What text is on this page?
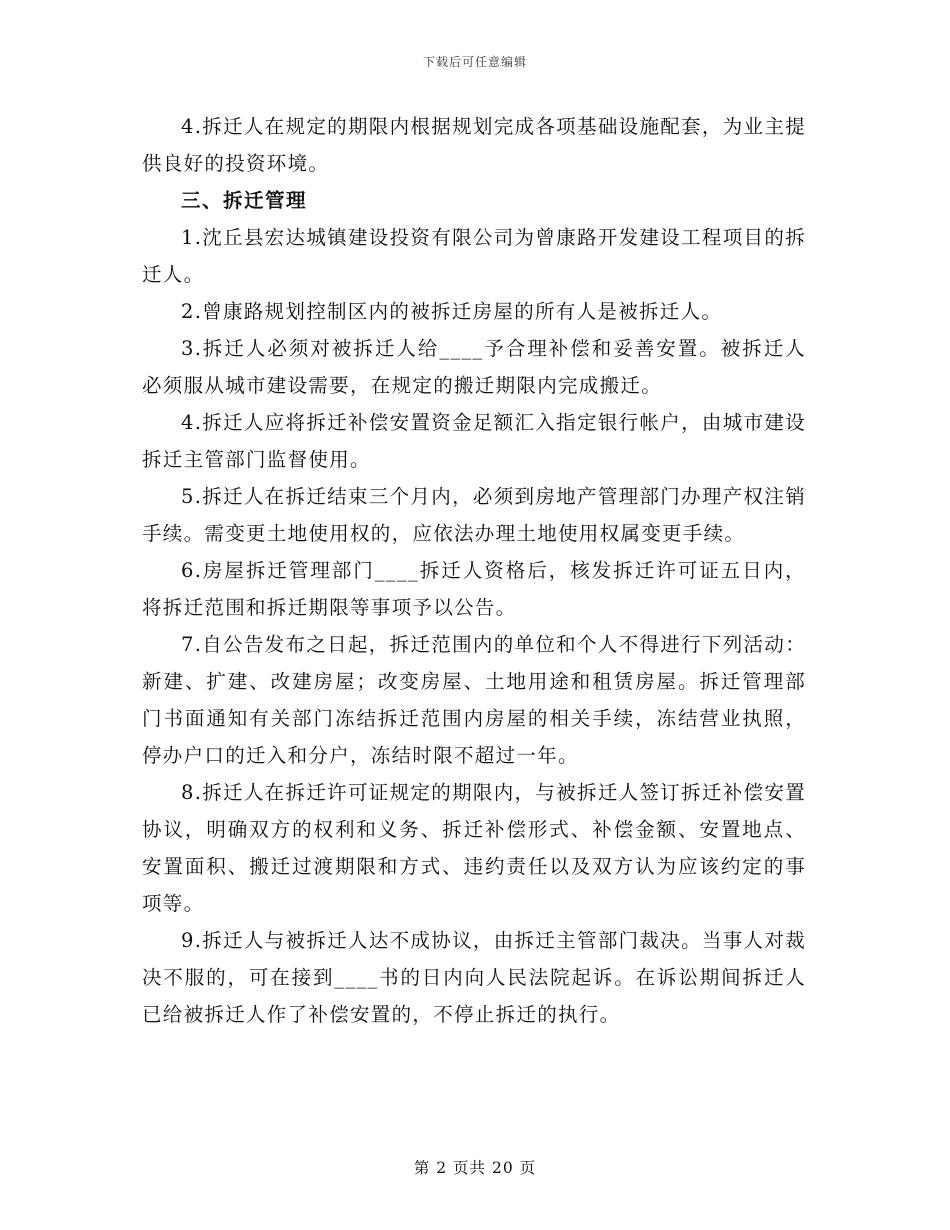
下载后可任意编辑

4.拆迁人在规定的期限内根据规划完成各项基础设施配套，为业主提供良好的投资环境。

三、拆迁管理

1.沈丘县宏达城镇建设投资有限公司为曾康路开发建设工程项目的拆迁人。

2.曾康路规划控制区内的被拆迁房屋的所有人是被拆迁人。

3.拆迁人必须对被拆迁人给____予合理补偿和妥善安置。被拆迁人必须服从城市建设需要，在规定的搬迁期限内完成搬迁。

4.拆迁人应将拆迁补偿安置资金足额汇入指定银行帐户，由城市建设拆迁主管部门监督使用。

5.拆迁人在拆迁结束三个月内，必须到房地产管理部门办理产权注销手续。需变更土地使用权的，应依法办理土地使用权属变更手续。

6.房屋拆迁管理部门____拆迁人资格后，核发拆迁许可证五日内，将拆迁范围和拆迁期限等事项予以公告。

7.自公告发布之日起，拆迁范围内的单位和个人不得进行下列活动：新建、扩建、改建房屋；改变房屋、土地用途和租赁房屋。拆迁管理部门书面通知有关部门冻结拆迁范围内房屋的相关手续，冻结营业执照，停办户口的迁入和分户，冻结时限不超过一年。

8.拆迁人在拆迁许可证规定的期限内，与被拆迁人签订拆迁补偿安置协议，明确双方的权利和义务、拆迁补偿形式、补偿金额、安置地点、安置面积、搬迁过渡期限和方式、违约责任以及双方认为应该约定的事项等。

9.拆迁人与被拆迁人达不成协议，由拆迁主管部门裁决。当事人对裁决不服的，可在接到____书的日内向人民法院起诉。在诉讼期间拆迁人已给被拆迁人作了补偿安置的，不停止拆迁的执行。

第 2 页共 20 页
